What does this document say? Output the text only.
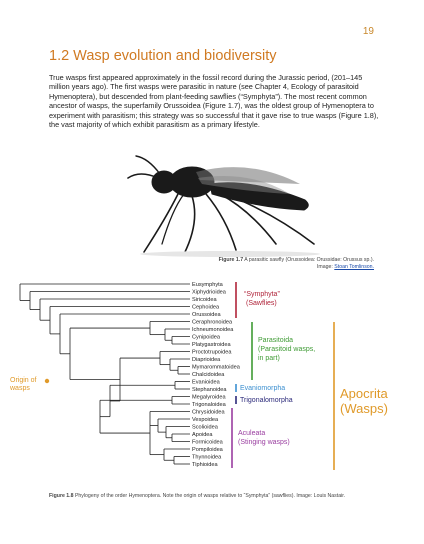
19
1.2 Wasp evolution and biodiversity

True wasps first appeared approximately in the fossil record during the Jurassic period, (201–145 million years ago). The first wasps were parasitic in nature (see Chapter 4, Ecology of parasitoid Hymenoptera), but descended from plant-feeding sawflies (“Symphyta”). The most recent common ancestor of wasps, the superfamily Orussoidea (Figure 1.7), was the oldest group of Hymenoptera to experiment with parasitism; this strategy was so successful that it gave rise to true wasps (Figure 1.8), the vast majority of which exhibit parasitism as a primary lifestyle.

Figure 1.7 A parasitic sawfly (Orussoidea: Orussidae: Orussus sp.).
Image: Stoan Tomlinson.
Eusymphyta
Xiphydrioidea
Siricoidea
Cephoidea
Orussoidea
Ceraphronoidea
Ichneumonoidea
Cynipoidea
Platygastroidea
Proctotrupoidea
Diaprioidea
Mymarommatoidea
Chalcidoidea
Evanioidea
Stephanoidea
Megalyroidea
Trigonaloidea
Chrysidoidea
Vespoidea
Scolioidea
Apoidea
Formicoidea
Pompiloidea
Thynnoidea
Tiphioidea
Origin of
wasps
“Symphyta”
(Sawflies)
Parasitoida
(Parasitoid wasps,
in part)
Evaniomorpha
Trigonalomorpha
Aculeata
(Stinging wasps)
Apocrita
(Wasps)
Figure 1.8 Phylogeny of the order Hymenoptera. Note the origin of wasps relative to “Symphyta” (sawflies). Image: Louis Nastair.
